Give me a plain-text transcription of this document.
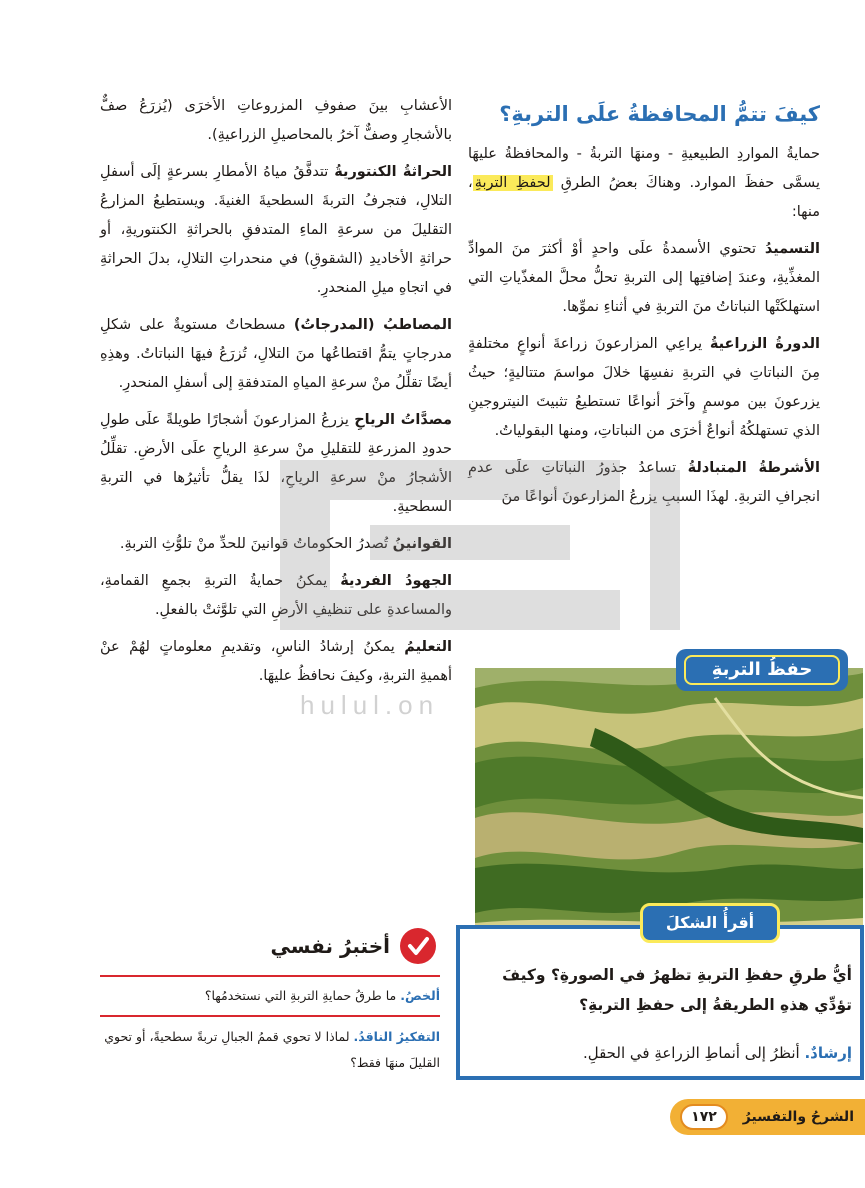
كيفَ تتمُّ المحافظةُ علَى التربةِ؟

حمايةُ المواردِ الطبيعيةِ - ومنهَا التربةُ - والمحافظةُ عليهَا يسمَّى حفظَ الموارد. وهناكَ بعضُ الطرقِ لحفظِ التربةِ، منها:

التسميدُ تحتوي الأسمدةُ علَى واحدٍ أوْ أكثرَ منَ الموادِّ المغذِّيةِ، وعندَ إضافتِها إلى التربةِ تحلُّ محلَّ المغذّياتِ التي استهلكَتْها النباتاتُ منَ التربةِ في أثناءِ نموِّها.

الدورةُ الزراعيةُ يراعِي المزارعونَ زراعةَ أنواعٍ مختلفةٍ مِنَ النباتاتِ في التربةِ نفسِهَا خلالَ مواسمَ متتاليةٍ؛ حيثُ يزرعونَ بين موسمٍ وآخرَ أنواعًا تستطيعُ تثبيتَ النيتروجينِ الذي تستهلكُهُ أنواعٌ أخرَى من النباتاتِ، ومنها البقولياتُ.

الأشرطةُ المتبادلةُ تساعدُ جذورُ النباتاتِ علَى عدمِ انجرافِ التربةِ. لهذَا السببِ يزرعُ المزارعونَ أنواعًا منَ

الأعشابِ بينَ صفوفِ المزروعاتِ الأخرَى (يُزرَعُ صفٌّ بالأشجارِ وصفٌّ آخرُ بالمحاصيلِ الزراعيةِ).

الحراثةُ الكنتوريةُ تتدفَّقُ مياهُ الأمطارِ بسرعةٍ إلَى أسفلِ التلالِ، فتجرفُ التربةَ السطحيةَ الغنيةَ. ويستطيعُ المزارعُ التقليلَ من سرعةِ الماءِ المتدفقِ بالحراثةِ الكنتوريةِ، أو حراثةِ الأخاديدِ (الشقوقِ) في منحدراتِ التلالِ، بدلَ الحراثةِ في اتجاهِ ميلِ المنحدرِ.

المصاطبُ (المدرجاتُ) مسطحاتٌ مستويةٌ على شكلِ مدرجاتٍ يتمُّ اقتطاعُها منَ التلالِ، تُزرَعُ فيهَا النباتاتُ. وهذِهِ أيضًا تقلِّلُ منْ سرعةِ المياهِ المتدفقةِ إلى أسفلِ المنحدرِ.

مصدَّاتُ الرياحِ يزرعُ المزارعونَ أشجارًا طويلةً علَى طولِ حدودِ المزرعةِ للتقليلِ منْ سرعةِ الرياحِ علَى الأرضِ. تقلِّلُ الأشجارُ منْ سرعةِ الرياحِ، لذَا يقلُّ تأثيرُها في التربةِ السطحيةِ.

القوانينُ تُصدرُ الحكوماتُ قوانينَ للحدِّ منْ تلوُّثِ التربةِ.

الجهودُ الفرديةُ يمكنُ حمايةُ التربةِ بجمعِ القمامةِ، والمساعدةِ على تنظيفِ الأرضِ التي تلوَّثتْ بالفعلِ.

التعليمُ يمكنُ إرشادُ الناسِ، وتقديمِ معلوماتٍ لهُمْ عنْ أهميةِ التربةِ، وكيفَ نحافظُ عليهَا.	حفظُ التربةِ
أقرأُ الشكلَ

أيُّ طرقِ حفظِ التربةِ تظهرُ في الصورةِ؟ وكيفَ تؤدِّي هذهِ الطريقةُ إلى حفظِ التربةِ؟

إرشادٌ. أنظرُ إلى أنماطِ الزراعةِ في الحقلِ.

أختبرُ نفسي

ألخصُ. ما طرقُ حمايةِ التربةِ التي نستخدمُها؟

التفكيرُ الناقدُ. لماذا لا تحوي قممُ الجبالِ تربةً سطحيةً، أو تحوي القليلَ منهَا فقط؟

الشرحُ والتفسيرُ
١٧٢
hulul.on
